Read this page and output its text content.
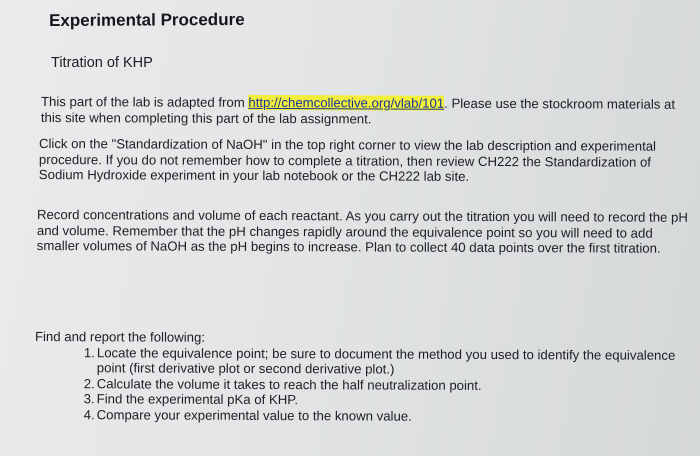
Experimental Procedure
Titration of KHP
This part of the lab is adapted from http://chemcollective.org/vlab/101. Please use the stockroom materials at this site when completing this part of the lab assignment.
Click on the "Standardization of NaOH" in the top right corner to view the lab description and experimental procedure. If you do not remember how to complete a titration, then review CH222 the Standardization of Sodium Hydroxide experiment in your lab notebook or the CH222 lab site.
Record concentrations and volume of each reactant. As you carry out the titration you will need to record the pH and volume. Remember that the pH changes rapidly around the equivalence point so you will need to add smaller volumes of NaOH as the pH begins to increase. Plan to collect 40 data points over the first titration.
Find and report the following:
1. Locate the equivalence point; be sure to document the method you used to identify the equivalence point (first derivative plot or second derivative plot.)
2. Calculate the volume it takes to reach the half neutralization point.
3. Find the experimental pKa of KHP.
4. Compare your experimental value to the known value.
